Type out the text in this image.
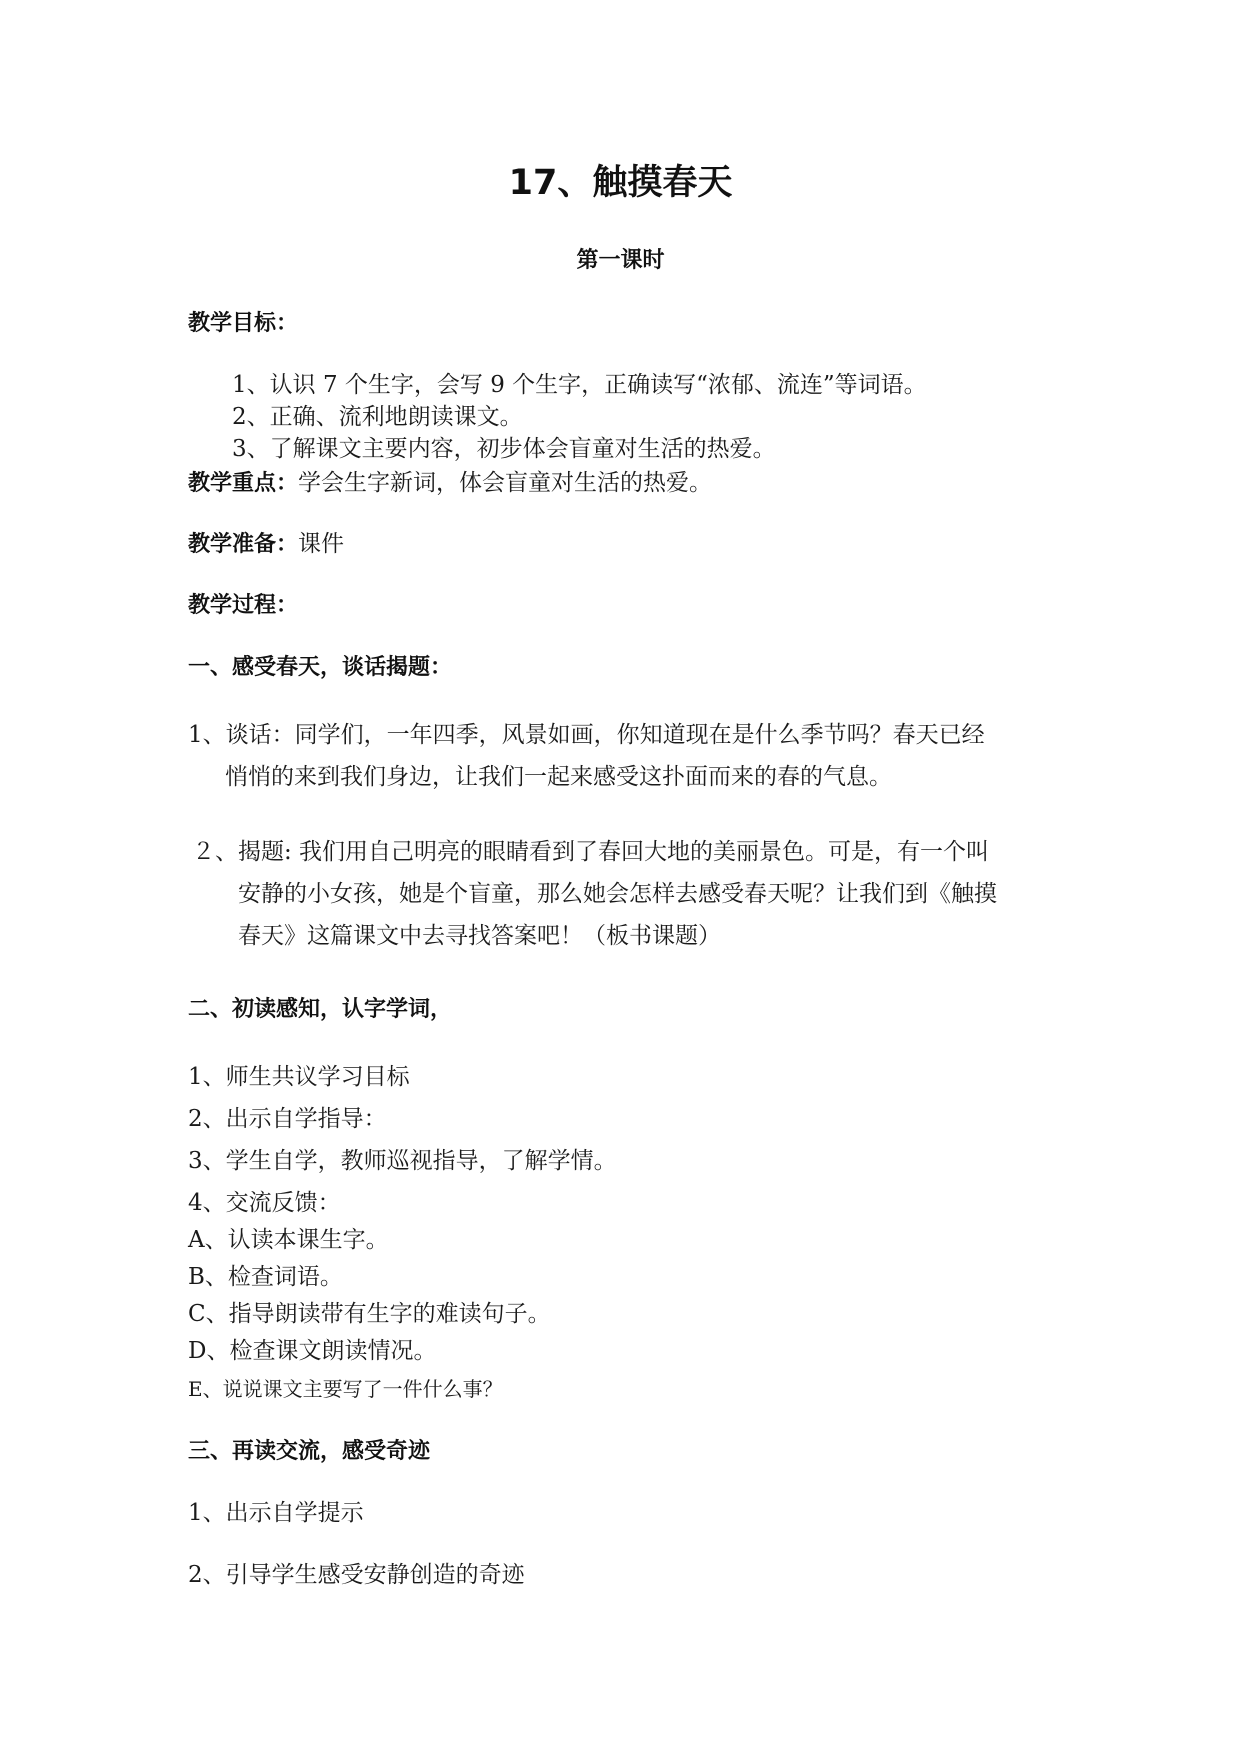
17、触摸春天
第一课时
教学目标：
1、认识 7 个生字，会写 9 个生字，正确读写“浓郁、流连”等词语。
2、正确、流利地朗读课文。
3、了解课文主要内容，初步体会盲童对生活的热爱。
教学重点：学会生字新词，体会盲童对生活的热爱。
教学准备：课件
教学过程：
一、感受春天，谈话揭题：
1、谈话：同学们，一年四季，风景如画，你知道现在是什么季节吗？春天已经
悄悄的来到我们身边，让我们一起来感受这扑面而来的春的气息。
２、揭题: 我们用自己明亮的眼睛看到了春回大地的美丽景色。可是，有一个叫
安静的小女孩，她是个盲童，那么她会怎样去感受春天呢？让我们到《触摸
春天》这篇课文中去寻找答案吧！（板书课题）
二、初读感知，认字学词，
1、师生共议学习目标
2、出示自学指导：
3、学生自学，教师巡视指导，了解学情。
4、交流反馈：
A、认读本课生字。
B、检查词语。
C、指导朗读带有生字的难读句子。
D、检查课文朗读情况。
E、说说课文主要写了一件什么事？
三、再读交流，感受奇迹
1、出示自学提示
2、引导学生感受安静创造的奇迹
